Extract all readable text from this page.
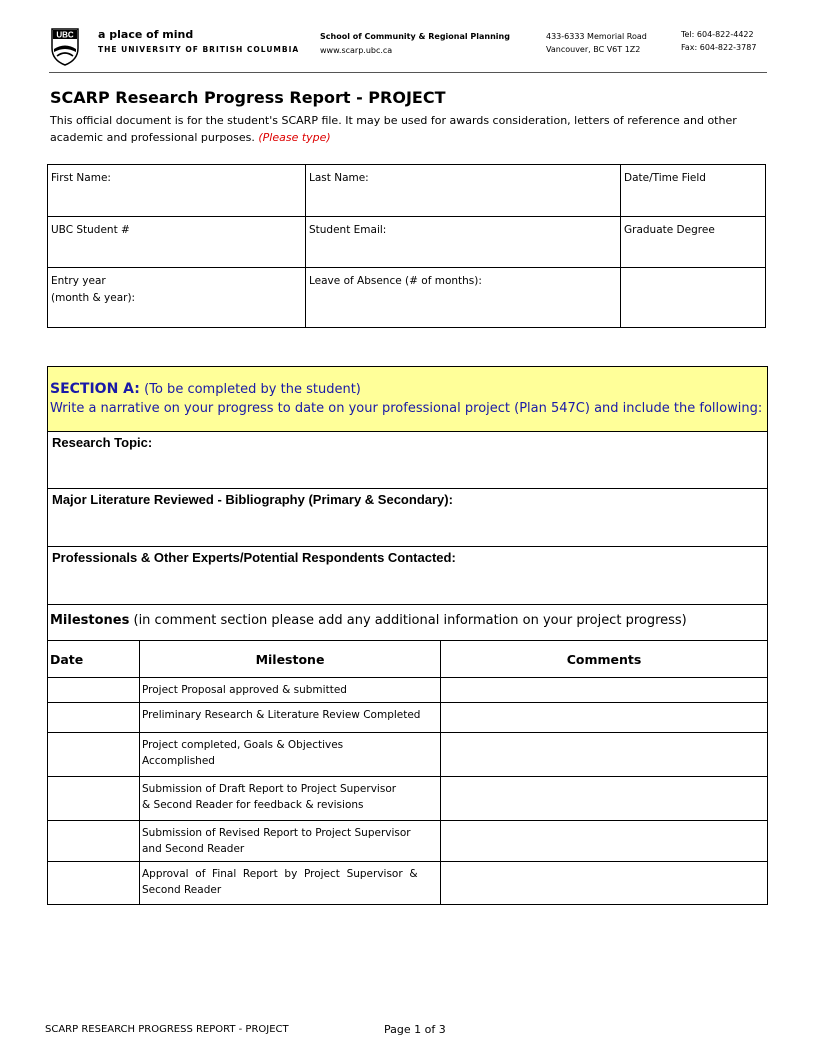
UBC a place of mind
THE UNIVERSITY OF BRITISH COLUMBIA
School of Community & Regional Planning
www.scarp.ubc.ca
433-6333 Memorial Road
Vancouver, BC V6T 1Z2
Tel: 604-822-4422
Fax: 604-822-3787
SCARP Research Progress Report - PROJECT
This official document is for the student's SCARP file. It may be used for awards consideration, letters of reference and other academic and professional purposes. (Please type)
First Name:	Last Name:	Date/Time Field
UBC Student #	Student Email:	Graduate Degree

Entry year
(month & year):	Leave of Absence (# of months):	
SECTION A: (To be completed by the student)
Write a narrative on your progress to date on your professional project (Plan 547C) and include the following:		

Research Topic:		
Major Literature Reviewed - Bibliography (Primary & Secondary):		
Professionals & Other Experts/Potential Respondents Contacted:		
Milestones (in comment section please add any additional information on your project progress)		
Date	Milestone	Comments

	Project Proposal approved & submitted	

	Preliminary Research & Literature Review Completed	

	Project completed, Goals & Objectives
Accomplished	

	Submission of Draft Report to Project Supervisor
& Second Reader for feedback & revisions	

	Submission of Revised Report to Project Supervisor
and Second Reader	

	Approval  of  Final  Report  by  Project  Supervisor  &
Second Reader	

SCARP RESEARCH PROGRESS REPORT - PROJECT	Page 1 of 3
